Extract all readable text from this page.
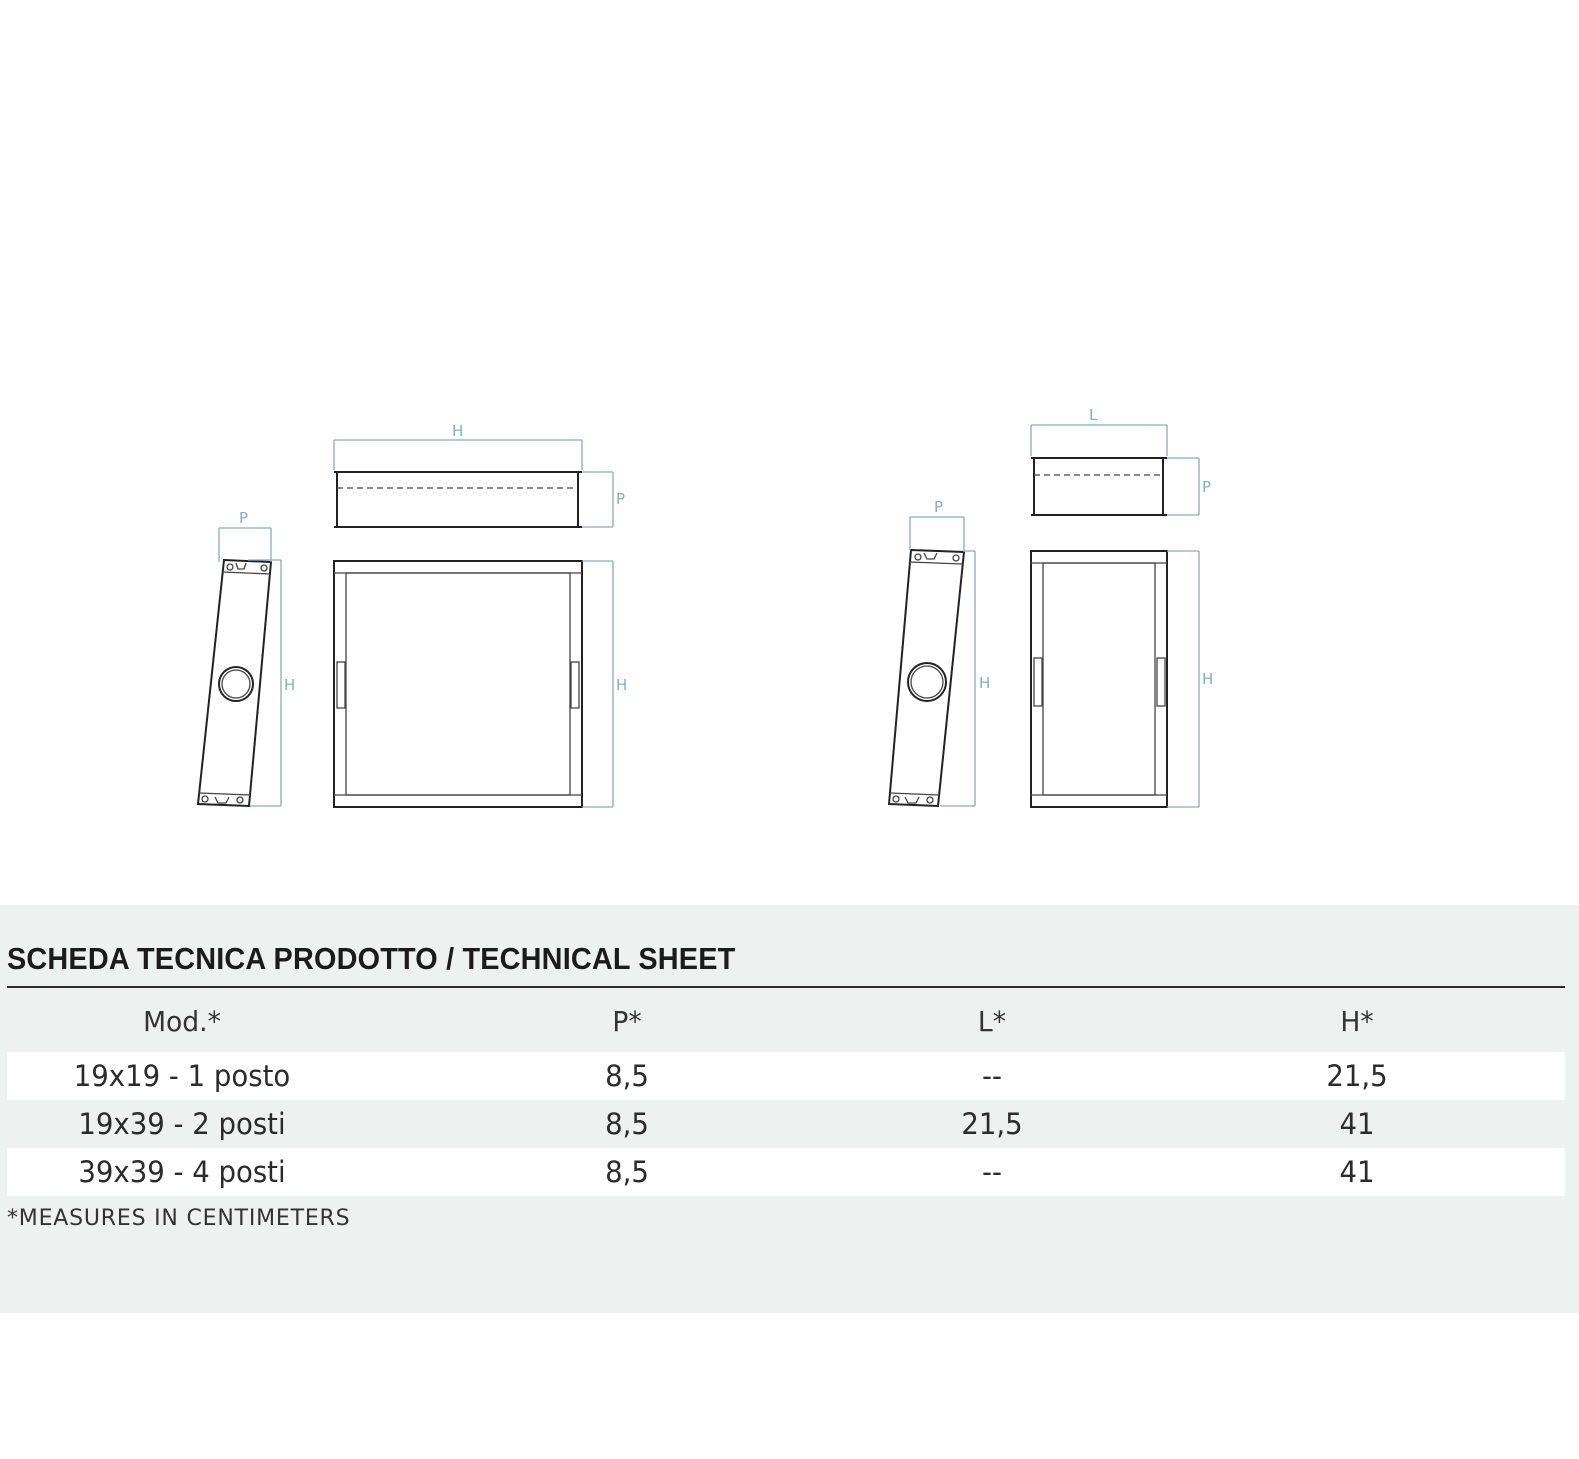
P
H
H
P
H
P
H
L
P
H
SCHEDA TECNICA PRODOTTO / TECHNICAL SHEET
Mod.*	P*	L*	H*
19x19 - 1 posto	8,5	--	21,5
19x39 - 2 posti	8,5	21,5	41
39x39 - 4 posti	8,5	--	41
*MEASURES IN CENTIMETERS
